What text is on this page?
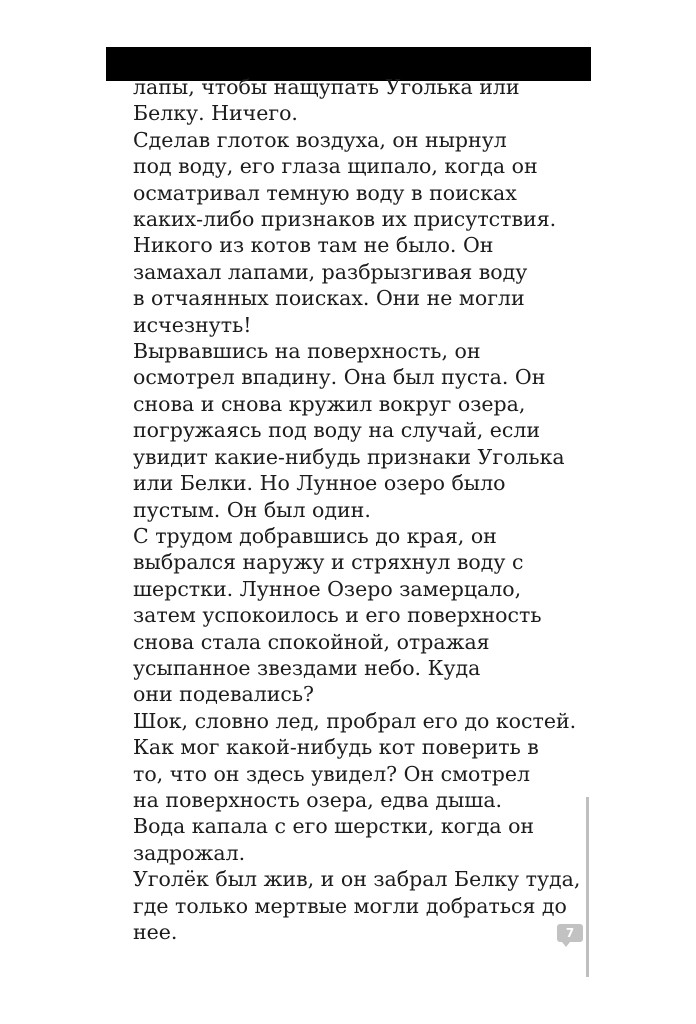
лапы, чтобы нащупать Уголька или
Белку. Ничего.
Сделав глоток воздуха, он нырнул
под воду, его глаза щипало, когда он
осматривал темную воду в поисках
каких-либо признаков их присутствия.
Никого из котов там не было. Он
замахал лапами, разбрызгивая воду
в отчаянных поисках. Они не могли
исчезнуть!
Вырвавшись на поверхность, он
осмотрел впадину. Она был пуста. Он
снова и снова кружил вокруг озера,
погружаясь под воду на случай, если
увидит какие-нибудь признаки Уголька
или Белки. Но Лунное озеро было
пустым. Он был один.
С трудом добравшись до края, он
выбрался наружу и стряхнул воду с
шерстки. Лунное Озеро замерцало,
затем успокоилось и его поверхность
снова стала спокойной, отражая
усыпанное звездами небо. Куда
они подевались?
Шок, словно лед, пробрал его до костей.
Как мог какой-нибудь кот поверить в
то, что он здесь увидел? Он смотрел
на поверхность озера, едва дыша.
Вода капала с его шерстки, когда он
задрожал.
Уголёк был жив, и он забрал Белку туда,
где только мертвые могли добраться до
нее.	7
